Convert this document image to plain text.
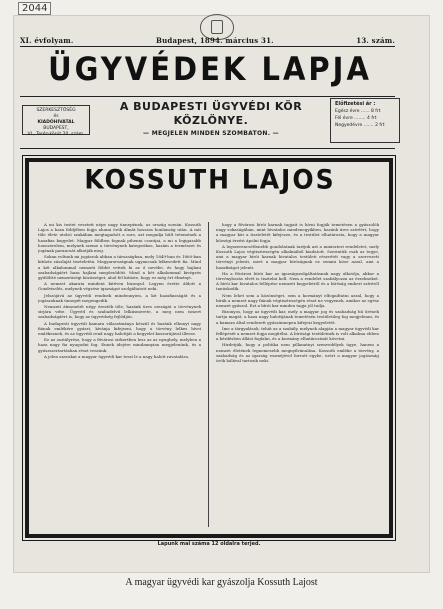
2044
XI. évfolyam.	Budapest, 1894. március 31.	13. szám.
ÜGYVÉDEK LAPJA
SZERKESZTŐSÉG
és
KIADÓHIVATAL
BUDAPEST,
VI., Teréz-körút 20. szám.
A BUDAPESTI ÜGYVÉDI KÖR
KÖZLÖNYE.
— MEGJELEN MINDEN SZOMBATON. —
Előfizetési ár :
Egész évre ...... 8 frt
Fél évre ........ 4 frt
Negyedévre ....... 2 frt
KOSSUTH LAJOS

A mi kis testet vesztett népe nagy ünnepének, az ország sorsán. Kossuth Lajos a haza földjében fogja alunni örök álmát hosszas honlanság után. A mit tőle élete utolsó szakában megtagadott a sors, azt megadja hűlt tetemének a hazafias kegyelet. Magyar földben fognak pihenni csontjai, a mi a legigazabb honszerelem, melynek szeme a törvénynek kategorikus, hazám a természet és jogának parancsát alkotják meg.

Sokan voltunk mi jogászok abban a társaságban, mely 1849-ban és 1860-ban kitűzte zászlaját tiszteletén. Magyarországnak ugyancsak lelkesedett fia. Mind a két alkalommal nemzeti földet vettek ki az ő nevébe, és hogy hajlani szabadságáért haza hajlani megőrződött. Mind a két alkalommal kivégzés gyűlöltté nemzetiségi közösséget, ahol fel kitűzte, hogy ez még ért élményt.

A nemzet akarata mindent kitéven bizonyul. Legyen érette áldott a Gondviselés, melynek végzése igazságot szolgáltatott neki.

Jelszójává az ügyvédi rendnek mindennyien, a kit hazafiasságát és a jogászoknak ünnepét megengedik.

Nemzeti átmenetét négy érezték tőle, hazánk üres országát a törvénynek sírjára vitte. Ügyvéd és szabadelvű lelkiismerete, a meg nem ismert szabadságáért is, hogy az ügyvédség fejlődjön.

A budapesti ügyvédi kamara választmánya készül és hazánk elhunyt nagy fiának emlékére gyászt, kívánja kifejezni, hogy a törvény lelkes hívei emlékeznek, és az ügyvédi rend nagy halottját a kegyelet koszorújával illesse.

Ez az osztályrész, hogy a fővárosi sírkertben lesz az az nyughely, melyben a haza nagy fia nyugodni fog. Ennek idejére mindannyian megjelenünk, és a gyászszertartásban részt veszünk.

A jelen szavakat a magyar ügyvédi kar teszi le a nagy halott ravatalára.

hogy a fővárosi bírói karnak tagjait is hívni fogják temetésen a gyászolók nagy sokaságában, mint hivatalos mindenegyikben, hazánk üres szívéért, hogy a magyar kör a tiszteletét kifejezze, és a testület elhatározta, hogy a magyar kőzségi érzést ápolni fogja.

A legszerencsétlenebb gondolatnak tartjuk azt a miniszteri rendeletet, mely Kossuth Lajos végtisztességén alkalmából kiadatott. Szerintük csak az tegye, ami a magyar bírói karnak hivatalos testületi részvétét vagy a szervezett törvényt jelenti, mert a magyar bíróságnak ez semmi köze azzal, ami a hazafiságot jelenti.

Ha a fővárosi bírói kar az igazságszolgáltatásnak nagy alkotója, akkor a törvényhozás elvét is tisztelni kell. Nem a rendelet szabályozza az érzelmeket. A bírói kar hivatalos fellépése nemzeti kegyeletről és a bíróság emberi szívéről tanúskodik.

Nem lehet sem a közönséget, sem a kormányt elfogadtatni azzal, hogy a bírák a nemzet nagy fiának végtisztességén részt ne vegyenek, amikor az egész nemzet gyászol. Ezt a bírói kar minden tagja jól tudja.

Bizonyos, hogy az ügyvédi kar, mely a magyar jog és szabadság hű őrének tartja magát, a haza nagy halottjának temetésén testületileg fog megjelenni, és a kamara által rendezett gyászünnepen kifejezi kegyeletét.

Íme a tárgyalások, tehát az a szabály, melynek alapján a magyar ügyvédi kar fellépését a nemzet fogja megítélni. A bírósági testületnek is volt alkalma ebben a kérdésben állást foglalni, és a kormány elhatározását követni.

Hirdetjük, hogy a politika nem pillanatnyi szenvedélyek ügye, hanem a nemzet életének legnemesebb megnyilvánulása. Kossuth emléke a törvény, a szabadság és az igazság eszméjével forrott egybe, ezért a magyar jogászság örök hálával tartozik neki.

Lapunk mai száma 12 oldalra terjed.
A magyar ügyvédi kar gyászolja Kossuth Lajost
